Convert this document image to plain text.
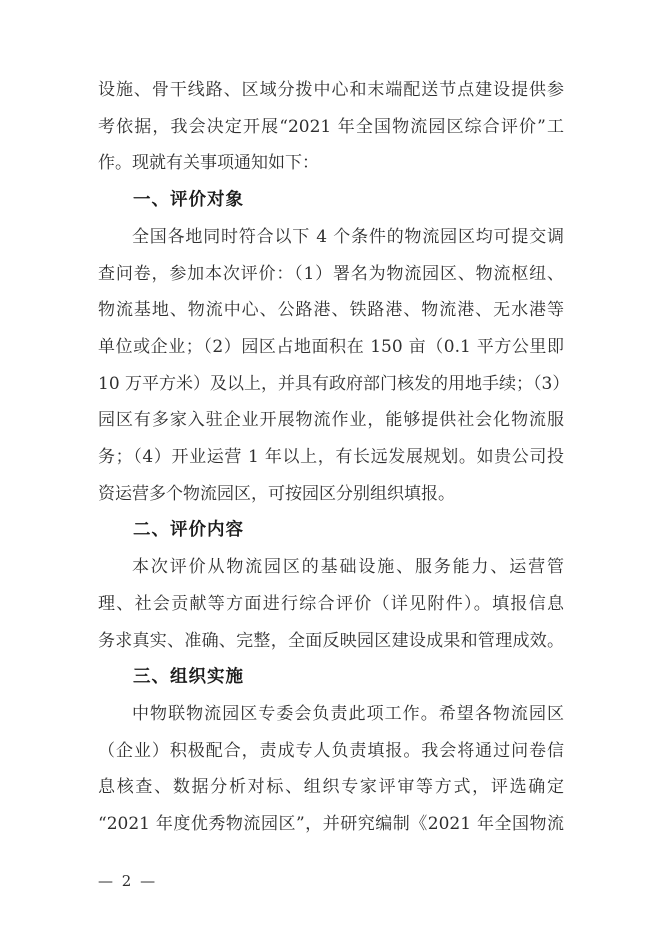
设施、骨干线路、区域分拨中心和末端配送节点建设提供参
考依据，我会决定开展“2021 年全国物流园区综合评价”工
作。现就有关事项通知如下：
一、评价对象
全国各地同时符合以下 4 个条件的物流园区均可提交调
查问卷，参加本次评价：（1）署名为物流园区、物流枢纽、
物流基地、物流中心、公路港、铁路港、物流港、无水港等
单位或企业；（2）园区占地面积在 150 亩（0.1 平方公里即
10 万平方米）及以上，并具有政府部门核发的用地手续；（3）
园区有多家入驻企业开展物流作业，能够提供社会化物流服
务；（4）开业运营 1 年以上，有长远发展规划。如贵公司投
资运营多个物流园区，可按园区分别组织填报。
二、评价内容
本次评价从物流园区的基础设施、服务能力、运营管
理、社会贡献等方面进行综合评价（详见附件）。填报信息
务求真实、准确、完整，全面反映园区建设成果和管理成效。
三、组织实施
中物联物流园区专委会负责此项工作。希望各物流园区
（企业）积极配合，责成专人负责填报。我会将通过问卷信
息核查、数据分析对标、组织专家评审等方式，评选确定
“2021 年度优秀物流园区”，并研究编制《2021 年全国物流
— 2 —
